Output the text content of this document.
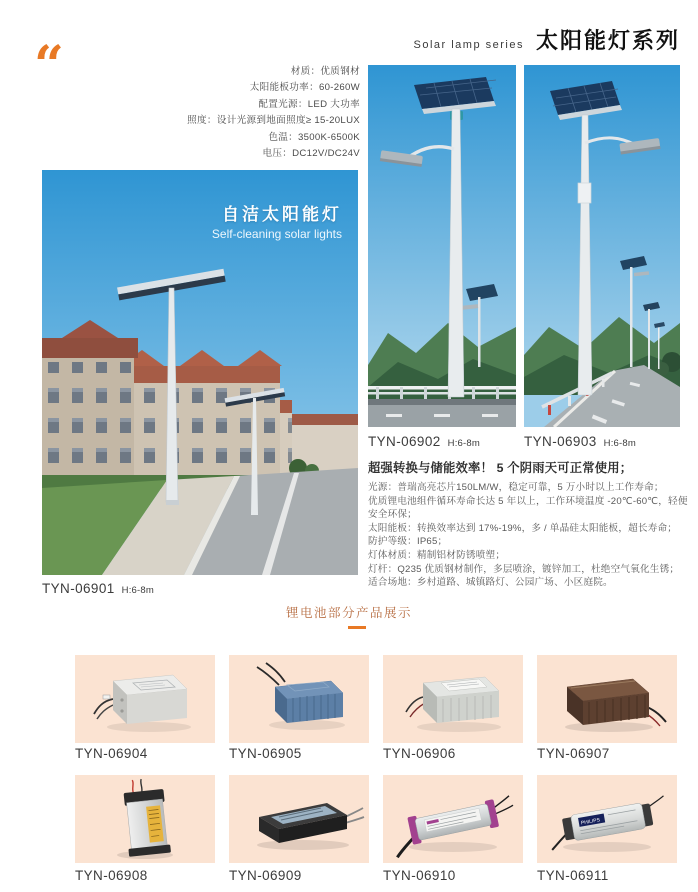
Solar lamp series 太阳能灯系列
“	材质：优质钢材
太阳能板功率：60-260W
配置光源：LED 大功率
照度：设计光源到地面照度≥ 15-20LUX
色温：3500K-6500K
电压：DC12V/DC24V
自洁太阳能灯
Self-cleaning solar lights
TYN-06902 H:6-8m	TYN-06903 H:6-8m
超强转换与储能效率！ 5 个阴雨天可正常使用；
光源：普瑞高亮芯片150LM/W，稳定可靠，5 万小时以上工作寿命；
优质锂电池组件循环寿命长达 5 年以上，工作环境温度 -20℃-60℃，轻便安全环保；
太阳能板：转换效率达到 17%-19%，多 / 单晶硅太阳能板，超长寿命；
防护等级：IP65；
灯体材质：精制铝材防锈喷塑；
灯杆：Q235 优质钢材制作，多层喷涂，镀锌加工，杜绝空气氧化生锈；
适合场地：乡村道路、城镇路灯、公园广场、小区庭院。
TYN-06901 H:6-8m
锂电池部分产品展示
TYN-06904	TYN-06905	TYN-06906	TYN-06907
PHILIPS
TYN-06908	TYN-06909	TYN-06910	TYN-06911
